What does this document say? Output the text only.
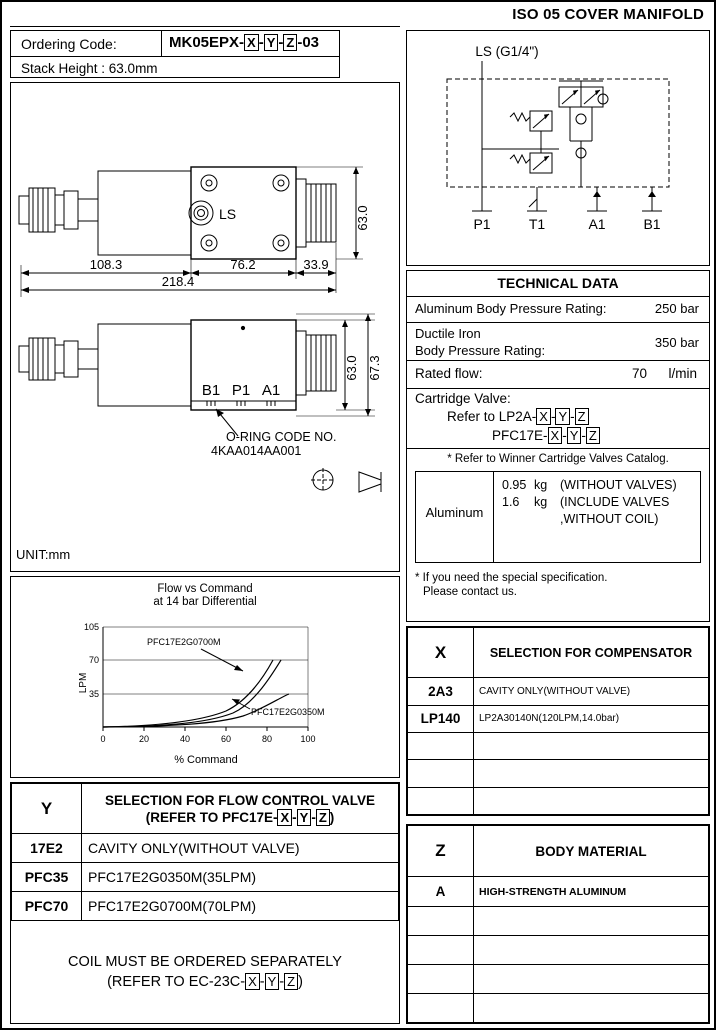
ISO 05 COVER MANIFOLD
Ordering Code:	MK05EPX- X - Y - Z -03
Stack Height : 63.0mm
LS
108.3	76.2	33.9
218.4
63.0
63.0 67.3
B1 P1 A1
O-RING CODE NO.
4KAA014AA001
UNIT:mm
Flow vs Command
at 14 bar Differential
105
70
35
0	20	40	60	80	100
% Command
LPM
PFC17E2G0700M
PFC17E2G0350M
Y	SELECTION FOR FLOW CONTROL VALVE
(REFER TO PFC17E- X - Y - Z )
17E2	CAVITY ONLY(WITHOUT VALVE)
PFC35	PFC17E2G0350M(35LPM)
PFC70	PFC17E2G0700M(70LPM)
COIL MUST BE ORDERED SEPARATELY
(REFER TO EC-23C- X - Y - Z )	
LS (G1/4")
P1	T1	A1	B1
TECHNICAL DATA
Aluminum Body Pressure Rating:	250 bar
Ductile Iron
Body Pressure Rating:
350 bar
Rated flow:	70 l/min
Cartridge Valve:
Refer to LP2A- X - Y - Z
PFC17E- X - Y - Z
* Refer to Winner Cartridge Valves Catalog.
Aluminum
0.95 kg (WITHOUT VALVES)
1.6 kg (INCLUDE VALVES
,WITHOUT COIL)
* If you need the special specification.
Please contact us.
X	SELECTION FOR COMPENSATOR
2A3	CAVITY ONLY(WITHOUT VALVE)
LP140	LP2A30140N(120LPM,14.0bar)

Z	BODY MATERIAL
A	HIGH-STRENGTH ALUMINUM
